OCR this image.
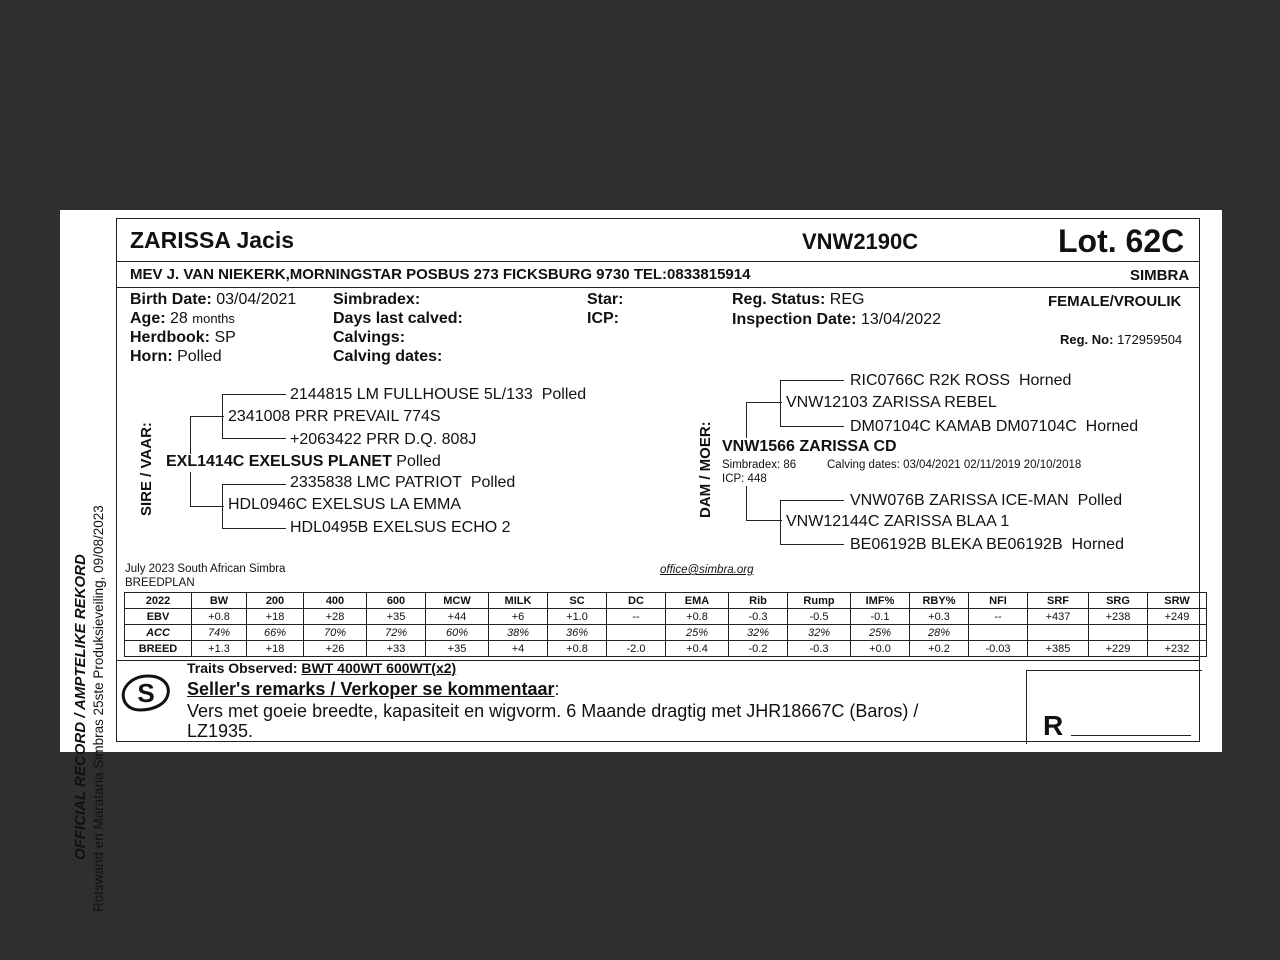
OFFICIAL RECORD / AMPTELIKE REKORD Rotswand en Maratana Simbras 25ste Produksieveiling, 09/08/2023
ZARISSA Jacis	VNW2190C	Lot. 62C
MEV J. VAN NIEKERK,MORNINGSTAR POSBUS 273 FICKSBURG 9730 TEL:0833815914	SIMBRA
Birth Date: 03/04/2021
Age: 28 months
Herdbook: SP
Horn: Polled
Simbradex:
Days last calved:
Calvings:
Calving dates:
Star:
ICP:
Reg. Status: REG
Inspection Date: 13/04/2022
FEMALE/VROULIK
Reg. No: 172959504
SIRE / VAAR:
2144815 LM FULLHOUSE 5L/133 Polled
2341008 PRR PREVAIL 774S
+2063422 PRR D.Q. 808J
EXL1414C EXELSUS PLANET Polled
2335838 LMC PATRIOT Polled
HDL0946C EXELSUS LA EMMA
HDL0495B EXELSUS ECHO 2
DAM / MOER:
RIC0766C R2K ROSS Horned
VNW12103 ZARISSA REBEL
DM07104C KAMAB DM07104C Horned
VNW1566 ZARISSA CD
Simbradex: 86	Calving dates: 03/04/2021 02/11/2019 20/10/2018
ICP: 448
VNW076B ZARISSA ICE-MAN Polled
VNW12144C ZARISSA BLAA 1
BE06192B BLEKA BE06192B Horned
July 2023 South African Simbra
BREEDPLAN
office@simbra.org
2022	BW	200	400	600	MCW	MILK	SC	DC	EMA	Rib	Rump	IMF%	RBY%	NFI	SRF	SRG	SRW
EBV	+0.8	+18	+28	+35	+44	+6	+1.0	--	+0.8	-0.3	-0.5	-0.1	+0.3	--	+437	+238	+249
ACC	74%	66%	70%	72%	60%	38%	36%		25%	32%	32%	25%	28%				
BREED	+1.3	+18	+26	+33	+35	+4	+0.8	-2.0	+0.4	-0.2	-0.3	+0.0	+0.2	-0.03	+385	+229	+232
S
Traits Observed: BWT 400WT 600WT(x2)
Seller's remarks / Verkoper se kommentaar:
Vers met goeie breedte, kapasiteit en wigvorm. 6 Maande dragtig met JHR18667C (Baros) /
LZ1935.	R
